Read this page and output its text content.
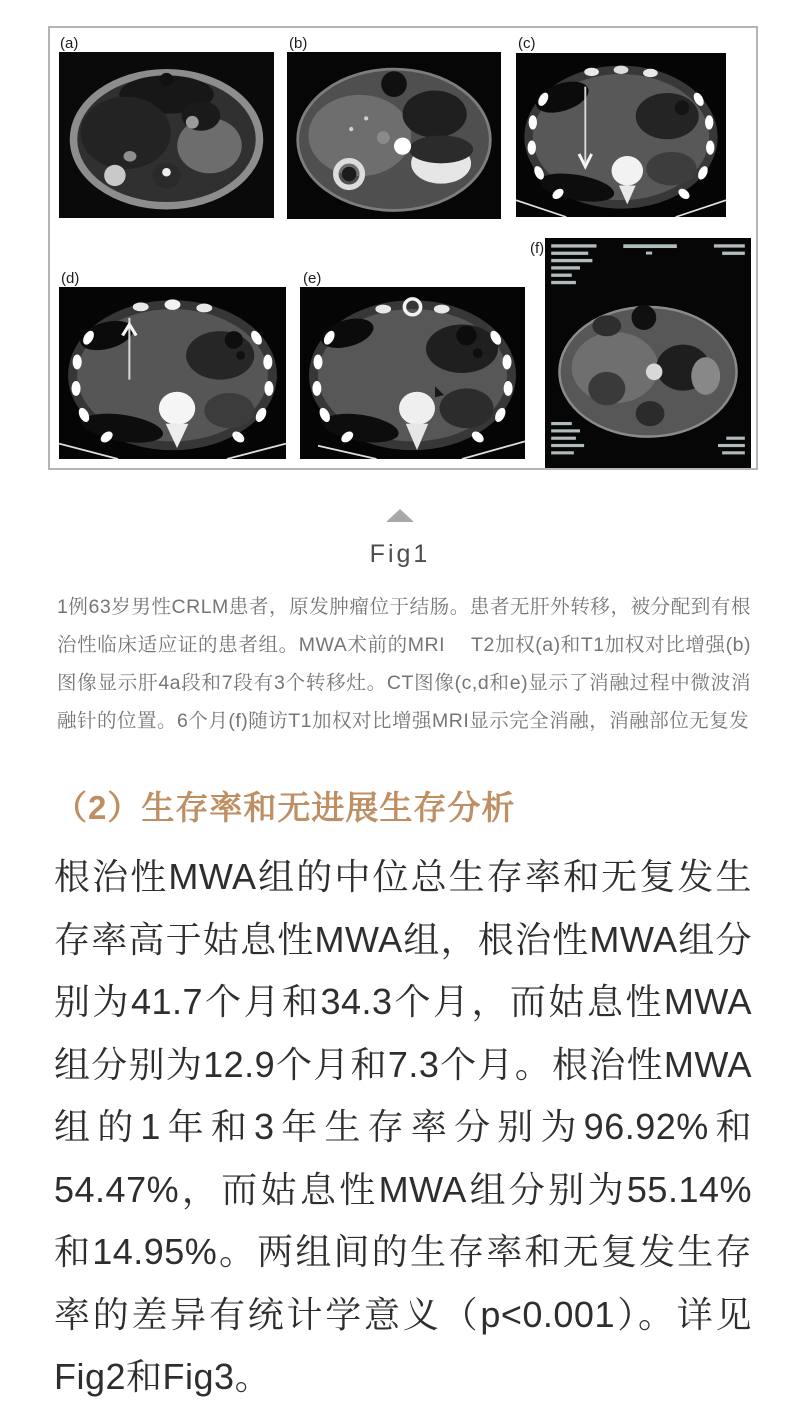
(a)	(b)	(c)
(d)	(e)
(f)
Fig1

1例63岁男性CRLM患者，原发肿瘤位于结肠。患者无肝外转移，被分配到有根治性临床适应证的患者组。MWA术前的MRI　 T2加权(a)和T1加权对比增强(b)图像显示肝4a段和7段有3个转移灶。CT图像(c,d和e)显示了消融过程中微波消融针的位置。6个月(f)随访T1加权对比增强MRI显示完全消融，消融部位无复发

（2）生存率和无进展生存分析

根治性MWA组的中位总生存率和无复发生存率高于姑息性MWA组，根治性MWA组分别为41.7个月和34.3个月，而姑息性MWA组分别为12.9个月和7.3个月。根治性MWA组的1年和3年生存率分别为96.92%和54.47%，而姑息性MWA组分别为55.14%和14.95%。两组间的生存率和无复发生存率的差异有统计学意义（p<0.001）。详见Fig2和Fig3。
